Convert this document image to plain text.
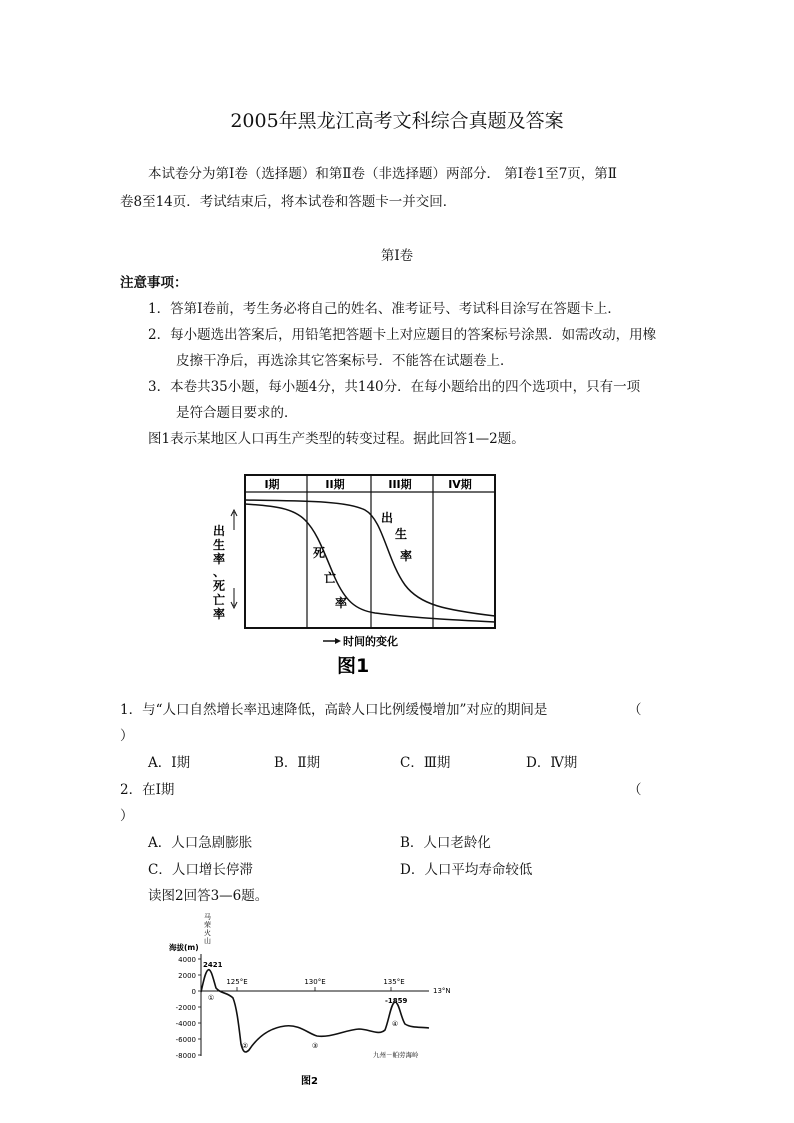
2005年黑龙江高考文科综合真题及答案
本试卷分为第Ⅰ卷（选择题）和第Ⅱ卷（非选择题）两部分． 第Ⅰ卷1至7页，第Ⅱ
卷8至14页．考试结束后，将本试卷和答题卡一并交回．
第Ⅰ卷
注意事项：
1．答第Ⅰ卷前，考生务必将自己的姓名、准考证号、考试科目涂写在答题卡上．
2．每小题选出答案后，用铅笔把答题卡上对应题目的答案标号涂黑．如需改动，用橡
皮擦干净后，再选涂其它答案标号．不能答在试题卷上．
3．本卷共35小题，每小题4分，共140分．在每小题给出的四个选项中，只有一项
是符合题目要求的．
图1表示某地区人口再生产类型的转变过程。据此回答1—2题。
I期	II期	III期	IV期
出
生
率
死
亡
率
出
生
率
、
死
亡
率
时间的变化
图1
1．与“人口自然增长率迅速降低，高龄人口比例缓慢增加”对应的期间是	（
）
A．Ⅰ期	B．Ⅱ期	C．Ⅲ期	D．Ⅳ期
2．在Ⅰ期	（
）
A．人口急剧膨胀	B．人口老龄化
C．人口增长停滞	D．人口平均寿命较低
读图2回答3—6题。
马
荣
火
山
海拔(m)
4000
2000
0
-2000
-4000
-6000
-8000
125°E	130°E	135°E
13°N
2421
-1859
①
②	③
④
九州－帕劳海岭
图2
